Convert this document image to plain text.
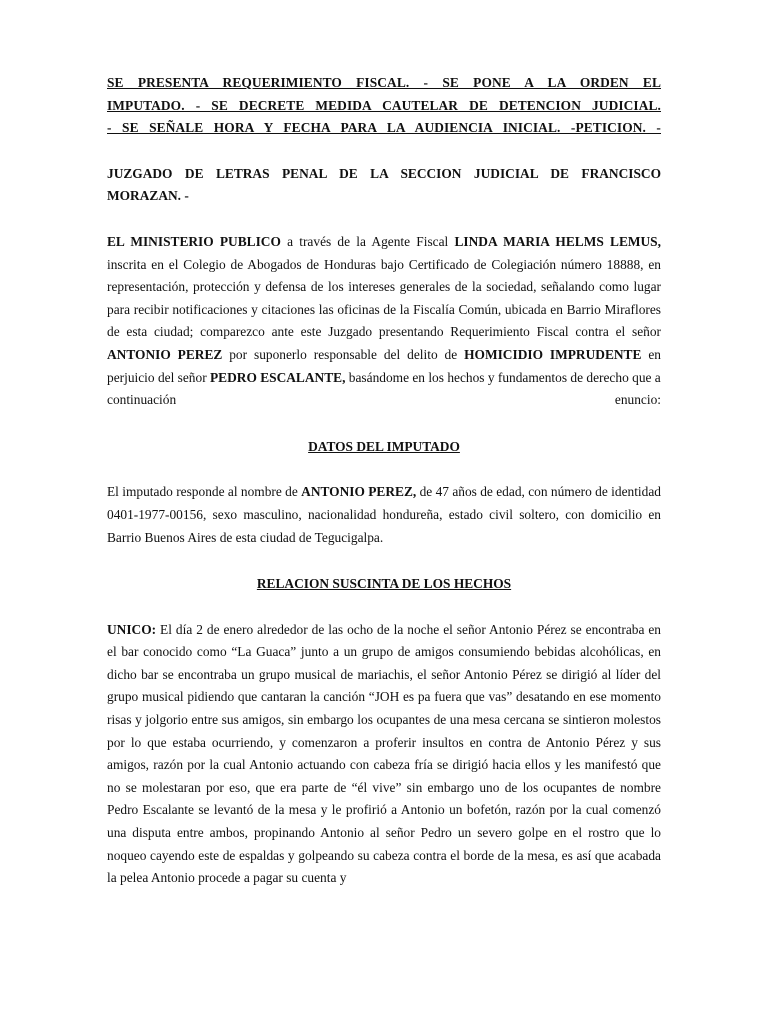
SE PRESENTA REQUERIMIENTO FISCAL. - SE PONE A LA ORDEN EL
IMPUTADO. - SE DECRETE MEDIDA CAUTELAR DE DETENCION JUDICIAL.
- SE SEÑALE HORA Y FECHA PARA LA AUDIENCIA INICIAL. -PETICION. -
JUZGADO DE LETRAS PENAL DE LA SECCION JUDICIAL DE FRANCISCO
MORAZAN. -

EL MINISTERIO PUBLICO a través de la Agente Fiscal LINDA MARIA HELMS LEMUS, inscrita en el Colegio de Abogados de Honduras bajo Certificado de Colegiación número 18888, en representación, protección y defensa de los intereses generales de la sociedad, señalando como lugar para recibir notificaciones y citaciones las oficinas de la Fiscalía Común, ubicada en Barrio Miraflores de esta ciudad; comparezco ante este Juzgado presentando Requerimiento Fiscal contra el señor ANTONIO PEREZ por suponerlo responsable del delito de HOMICIDIO IMPRUDENTE en perjuicio del señor PEDRO ESCALANTE, basándome en los hechos y fundamentos de derecho que a

continuación	enuncio:

DATOS DEL IMPUTADO

El imputado responde al nombre de ANTONIO PEREZ, de 47 años de edad, con número de identidad 0401-1977-00156, sexo masculino, nacionalidad hondureña, estado civil soltero, con domicilio en Barrio Buenos Aires de esta ciudad de Tegucigalpa.

RELACION SUSCINTA DE LOS HECHOS

UNICO: El día 2 de enero alrededor de las ocho de la noche el señor Antonio Pérez se encontraba en el bar conocido como “La Guaca” junto a un grupo de amigos consumiendo bebidas alcohólicas, en dicho bar se encontraba un grupo musical de mariachis, el señor Antonio Pérez se dirigió al líder del grupo musical pidiendo que cantaran la canción “JOH es pa fuera que vas” desatando en ese momento risas y jolgorio entre sus amigos, sin embargo los ocupantes de una mesa cercana se sintieron molestos por lo que estaba ocurriendo, y comenzaron a proferir insultos en contra de Antonio Pérez y sus amigos, razón por la cual Antonio actuando con cabeza fría se dirigió hacia ellos y les manifestó que no se molestaran por eso, que era parte de “él vive” sin embargo uno de los ocupantes de nombre Pedro Escalante se levantó de la mesa y le profirió a Antonio un bofetón, razón por la cual comenzó una disputa entre ambos, propinando Antonio al señor Pedro un severo golpe en el rostro que lo noqueo cayendo este de espaldas y golpeando su cabeza contra el borde de la mesa, es así que acabada la pelea Antonio procede a pagar su cuenta y
